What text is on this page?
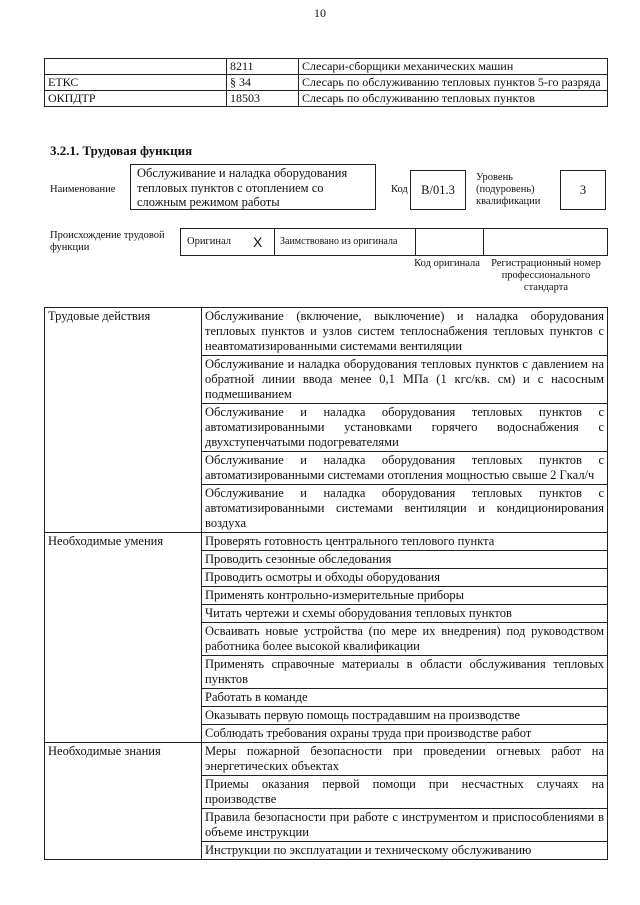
10
	8211	Слесари-сборщики механических машин
ЕТКС	§ 34	Слесарь по обслуживанию тепловых пунктов 5-го разряда
ОКПДТР	18503	Слесарь по обслуживанию тепловых пунктов
3.2.1. Трудовая функция
Наименование
Обслуживание и наладка оборудования тепловых пунктов с отоплением со сложным режимом работы
Код B/01.3
Уровень (подуровень) квалификации
3
Происхождение трудовой функции
Оригинал X Заимствовано из оригинала
Код оригинала	Регистрационный номер профессионального стандарта
Трудовые действия	Обслуживание (включение, выключение) и наладка оборудования тепловых пунктов и узлов систем теплоснабжения тепловых пунктов с неавтоматизированными системами вентиляции
	Обслуживание и наладка оборудования тепловых пунктов с давлением на обратной линии ввода менее 0,1 МПа (1 кгс/кв. см) и с насосным подмешиванием
	Обслуживание и наладка оборудования тепловых пунктов с автоматизированными установками горячего водоснабжения с двухступенчатыми подогревателями
	Обслуживание и наладка оборудования тепловых пунктов с автоматизированными системами отопления мощностью свыше 2 Гкал/ч
	Обслуживание и наладка оборудования тепловых пунктов с автоматизированными системами вентиляции и кондиционирования воздуха
Необходимые умения	Проверять готовность центрального теплового пункта
	Проводить сезонные обследования
	Проводить осмотры и обходы оборудования
	Применять контрольно-измерительные приборы
	Читать чертежи и схемы оборудования тепловых пунктов
	Осваивать новые устройства (по мере их внедрения) под руководством работника более высокой квалификации
	Применять справочные материалы в области обслуживания тепловых пунктов
	Работать в команде
	Оказывать первую помощь пострадавшим на производстве
	Соблюдать требования охраны труда при производстве работ
Необходимые знания	Меры пожарной безопасности при проведении огневых работ на энергетических объектах
	Приемы оказания первой помощи при несчастных случаях на производстве
	Правила безопасности при работе с инструментом и приспособлениями в объеме инструкции
	Инструкции по эксплуатации и техническому обслуживанию
